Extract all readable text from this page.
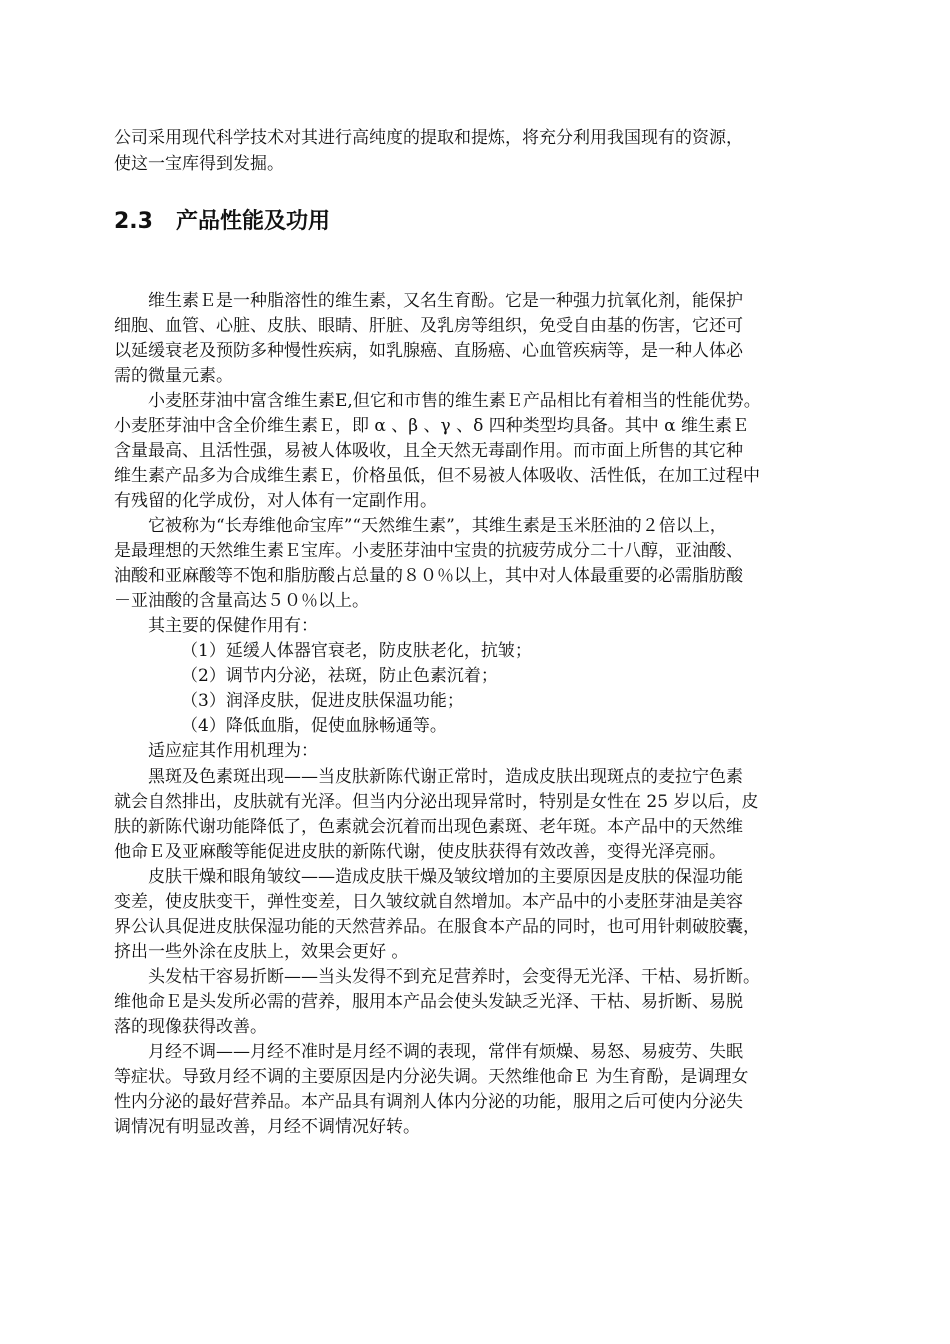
公司采用现代科学技术对其进行高纯度的提取和提炼，将充分利用我国现有的资源，
使这一宝库得到发掘。
2.3 产品性能及功用
维生素Ｅ是一种脂溶性的维生素，又名生育酚。它是一种强力抗氧化剂，能保护
细胞、血管、心脏、皮肤、眼睛、肝脏、及乳房等组织，免受自由基的伤害，它还可
以延缓衰老及预防多种慢性疾病，如乳腺癌、直肠癌、心血管疾病等，是一种人体必
需的微量元素。
小麦胚芽油中富含维生素E,但它和市售的维生素Ｅ产品相比有着相当的性能优势。
小麦胚芽油中含全价维生素Ｅ，即 α 、β 、γ 、δ 四种类型均具备。其中 α 维生素Ｅ
含量最高、且活性强，易被人体吸收，且全天然无毒副作用。而市面上所售的其它种
维生素产品多为合成维生素Ｅ，价格虽低，但不易被人体吸收、活性低，在加工过程中
有残留的化学成份，对人体有一定副作用。
它被称为“长寿维他命宝库”“天然维生素”，其维生素是玉米胚油的２倍以上，
是最理想的天然维生素Ｅ宝库。小麦胚芽油中宝贵的抗疲劳成分二十八醇，亚油酸、
油酸和亚麻酸等不饱和脂肪酸占总量的８０％以上，其中对人体最重要的必需脂肪酸
－亚油酸的含量高达５０％以上。
其主要的保健作用有：
（1）延缓人体器官衰老，防皮肤老化，抗皱；
（2）调节内分泌，祛斑，防止色素沉着；
（3）润泽皮肤，促进皮肤保温功能；
（4）降低血脂，促使血脉畅通等。
适应症其作用机理为：
黑斑及色素斑出现——当皮肤新陈代谢正常时，造成皮肤出现斑点的麦拉宁色素
就会自然排出，皮肤就有光泽。但当内分泌出现异常时，特别是女性在 25 岁以后，皮
肤的新陈代谢功能降低了，色素就会沉着而出现色素斑、老年斑。本产品中的天然维
他命Ｅ及亚麻酸等能促进皮肤的新陈代谢，使皮肤获得有效改善，变得光泽亮丽。
皮肤干燥和眼角皱纹——造成皮肤干燥及皱纹增加的主要原因是皮肤的保湿功能
变差，使皮肤变干，弹性变差，日久皱纹就自然增加。本产品中的小麦胚芽油是美容
界公认具促进皮肤保湿功能的天然营养品。在服食本产品的同时，也可用针刺破胶囊，
挤出一些外涂在皮肤上，效果会更好 。
头发枯干容易折断——当头发得不到充足营养时，会变得无光泽、干枯、易折断。
维他命Ｅ是头发所必需的营养，服用本产品会使头发缺乏光泽、干枯、易折断、易脱
落的现像获得改善。
月经不调——月经不准时是月经不调的表现，常伴有烦燥、易怒、易疲劳、失眠
等症状。导致月经不调的主要原因是内分泌失调。天然维他命Ｅ 为生育酚，是调理女
性内分泌的最好营养品。本产品具有调剂人体内分泌的功能，服用之后可使内分泌失
调情况有明显改善，月经不调情况好转。
